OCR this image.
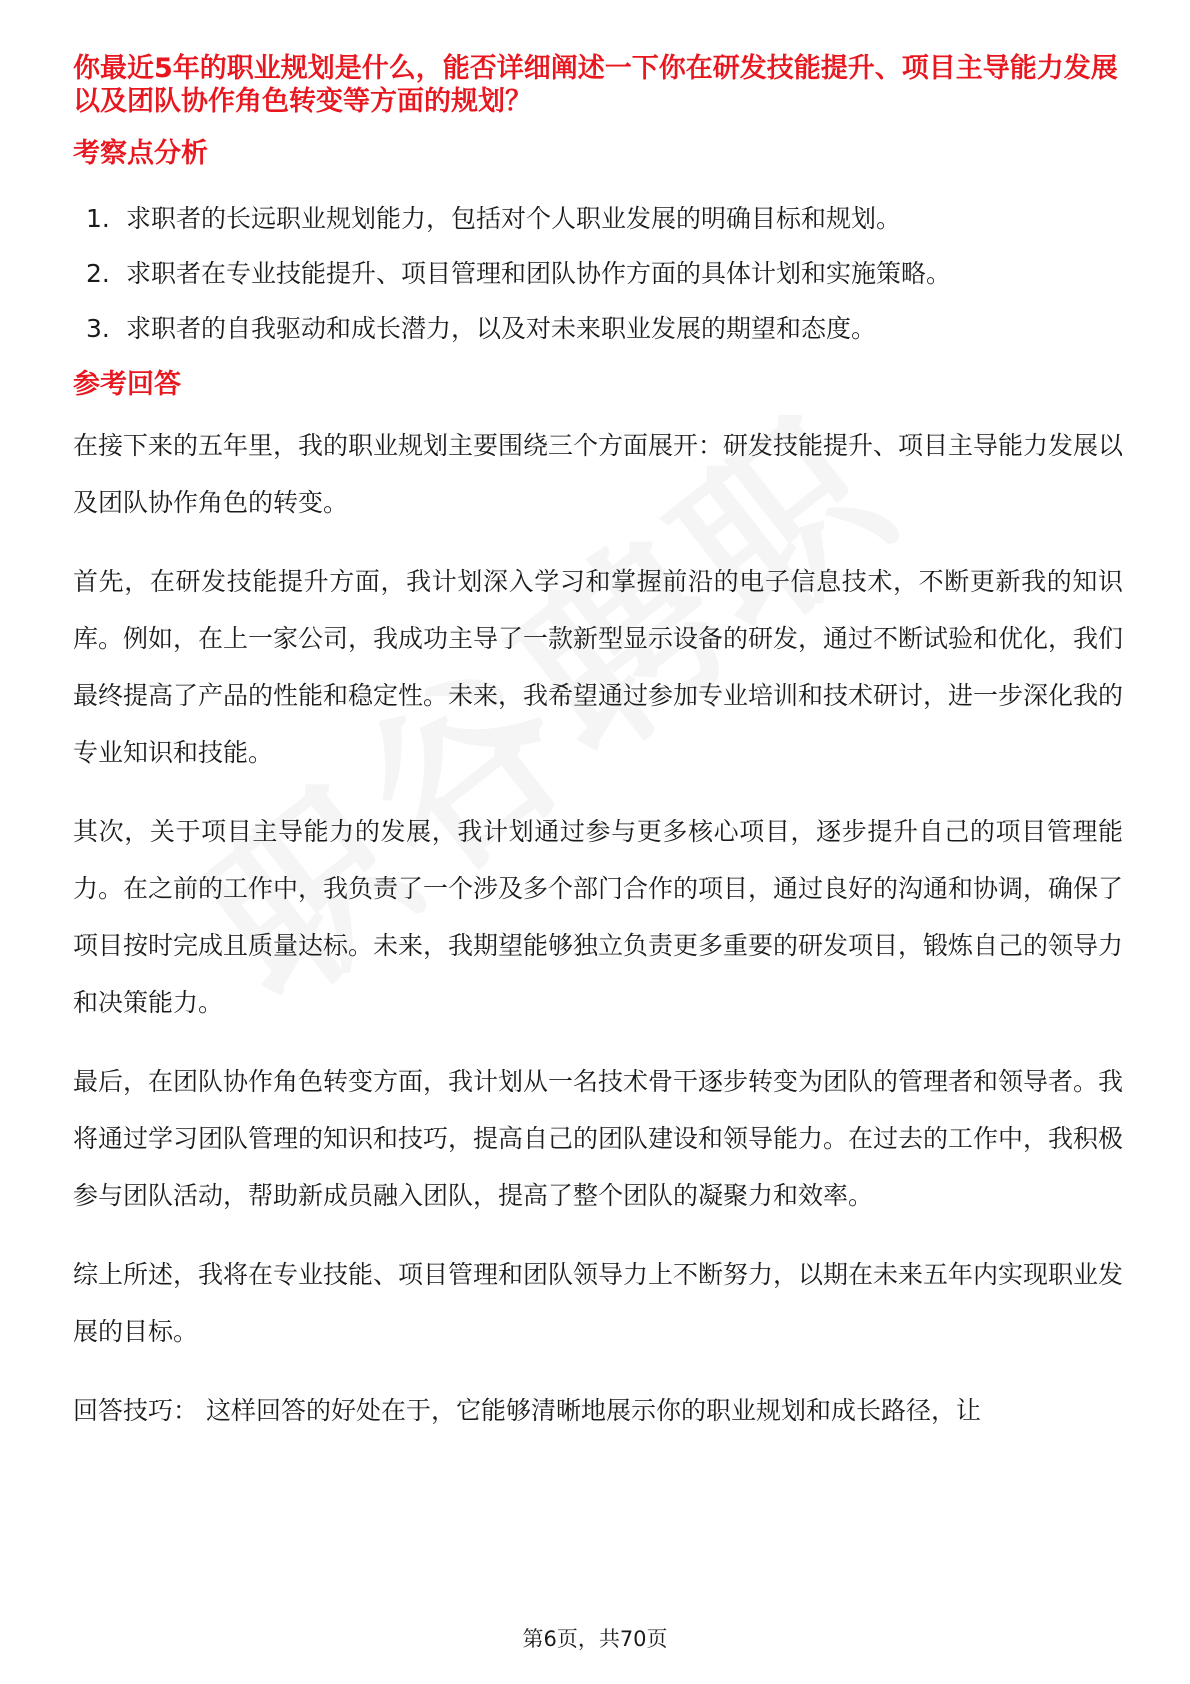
你最近5年的职业规划是什么，能否详细阐述一下你在研发技能提升、项目主导能力发展以及团队协作角色转变等方面的规划？

考察点分析

1. 求职者的长远职业规划能力，包括对个人职业发展的明确目标和规划。
2. 求职者在专业技能提升、项目管理和团队协作方面的具体计划和实施策略。
3. 求职者的自我驱动和成长潜力，以及对未来职业发展的期望和态度。

参考回答

在接下来的五年里，我的职业规划主要围绕三个方面展开：研发技能提升、项目主导能力发展以及团队协作角色的转变。

首先，在研发技能提升方面，我计划深入学习和掌握前沿的电子信息技术，不断更新我的知识库。例如，在上一家公司，我成功主导了一款新型显示设备的研发，通过不断试验和优化，我们最终提高了产品的性能和稳定性。未来，我希望通过参加专业培训和技术研讨，进一步深化我的专业知识和技能。

其次，关于项目主导能力的发展，我计划通过参与更多核心项目，逐步提升自己的项目管理能力。在之前的工作中，我负责了一个涉及多个部门合作的项目，通过良好的沟通和协调，确保了项目按时完成且质量达标。未来，我期望能够独立负责更多重要的研发项目，锻炼自己的领导力和决策能力。

最后，在团队协作角色转变方面，我计划从一名技术骨干逐步转变为团队的管理者和领导者。我将通过学习团队管理的知识和技巧，提高自己的团队建设和领导能力。在过去的工作中，我积极参与团队活动，帮助新成员融入团队，提高了整个团队的凝聚力和效率。

综上所述，我将在专业技能、项目管理和团队领导力上不断努力，以期在未来五年内实现职业发展的目标。

回答技巧： 这样回答的好处在于，它能够清晰地展示你的职业规划和成长路径，让

第6页，共70页
